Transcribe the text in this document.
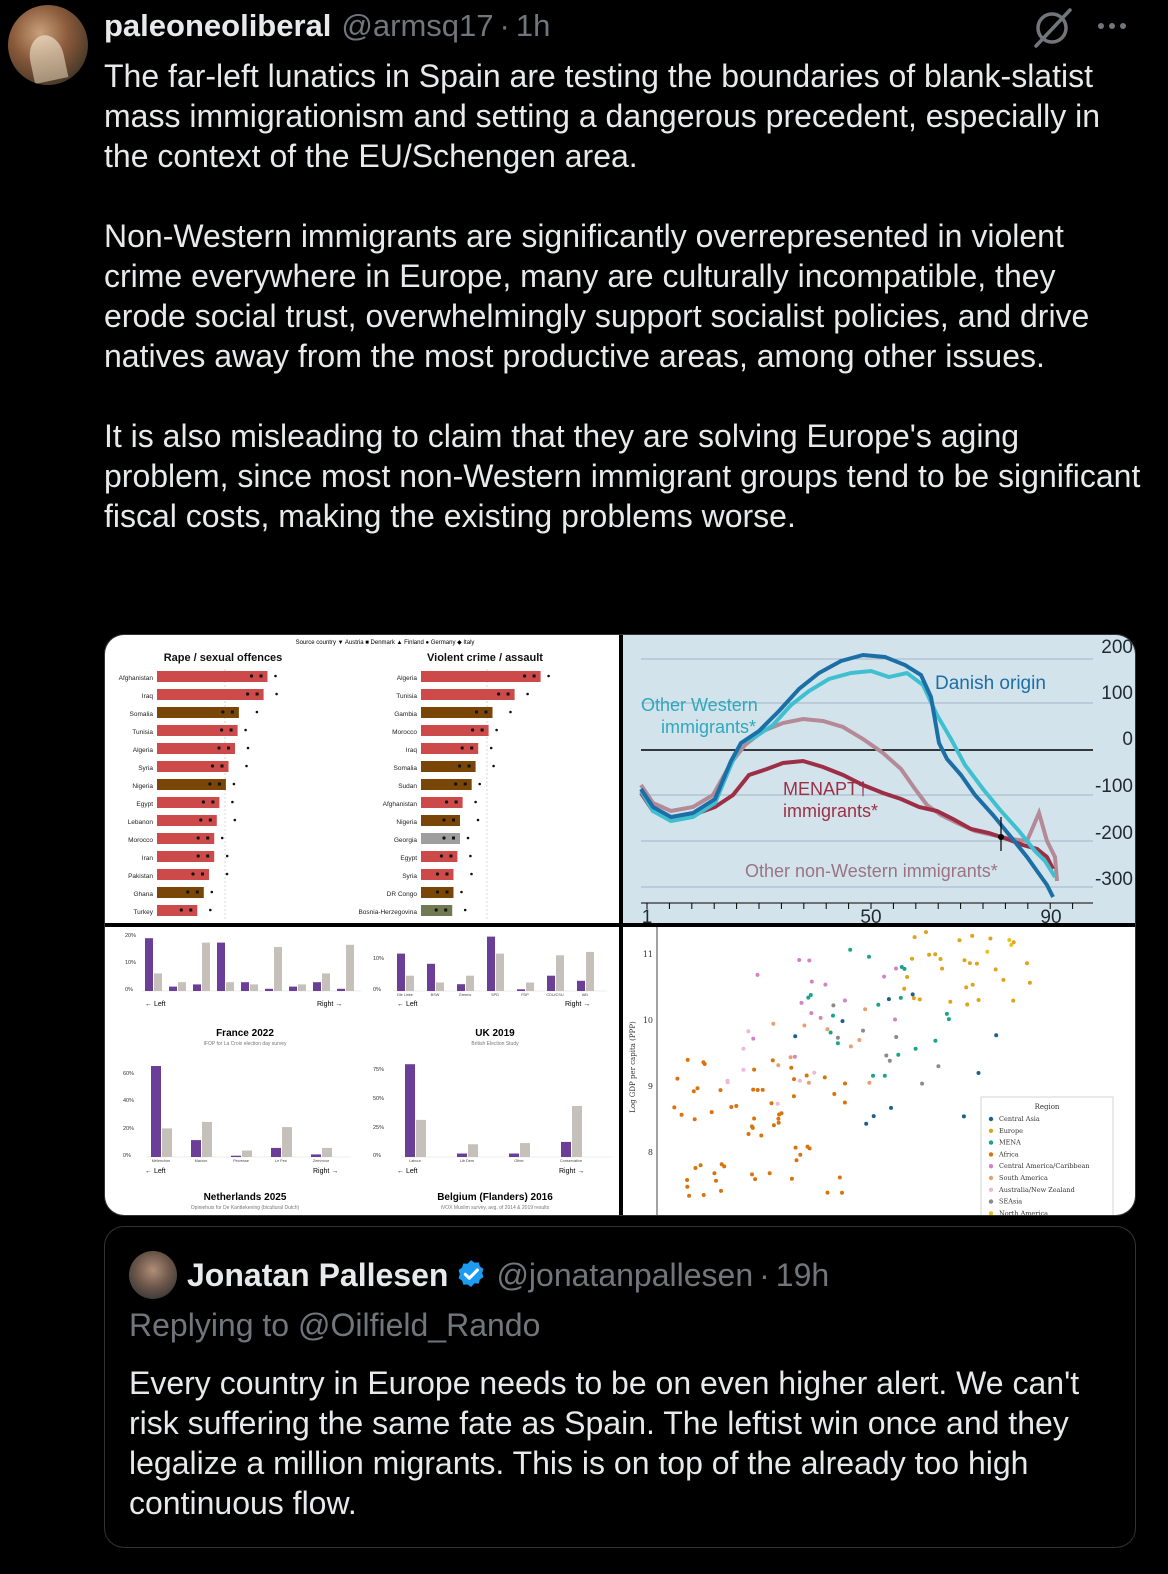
paleoneoliberal @armsq17 · 1h

The far-left lunatics in Spain are testing the boundaries of blank-slatist mass immigrationism and setting a dangerous precedent, especially in the context of the EU/Schengen area.

Non-Western immigrants are significantly overrepresented in violent crime everywhere in Europe, many are culturally incompatible, they erode social trust, overwhelmingly support socialist policies, and drive natives away from the most productive areas, among other issues.

It is also misleading to claim that they are solving Europe's aging problem, since most non-Western immigrant groups tend to be significant fiscal costs, making the existing problems worse.

Source country ▼ Austria ■ Denmark ▲ Finland ● Germany ◆ Italy
Rape / sexual offences	Violent crime / assault
Afghanistan
Iraq
Somalia
Tunisia
Algeria
Syria
Nigeria
Egypt
Lebanon
Morocco
Iran
Pakistan
Ghana
Turkey
Algeria
Tunisia
Gambia
Morocco
Iraq
Somalia
Sudan
Afghanistan
Nigeria
Georgia
Egypt
Syria
DR Congo
Bosnia-Herzegovina
200
100
0
-100
-200
-300
1	50	90
Danish origin
Other Western immigrants*
MENAPT† immigrants*
Other non-Western immigrants*
20%
10%
0%
10%
0%
Die Linke	BSW	Greens	SPD	FDP	CDU/CSU	AfD
← Left	Right →	← Left	Right →
France 2022
IFOP for La Croix election day survey
UK 2019
British Election Study
60%
40%
20%
0%
75%
50%
25%
0%
Mélenchon	Macron	Pécresse	Le Pen	Zemmour	Labour	Lib Dem	Other	Conservative
← Left	Right →	← Left	Right →
Netherlands 2025
Opiniehuis for De Kanttekening (bicultural Dutch)
Belgium (Flanders) 2016
iVOX Muslim survey, avg. of 2014 & 2019 results
11
10
9
8
Log GDP per capita (PPP)	Region
Central Asia
Europe
MENA
Africa
Central America/Caribbean
South America
Australia/New Zealand
SEAsia
North America
Jonatan Pallesen @jonatanpallesen · 19h
Replying to @Oilfield_Rando
Every country in Europe needs to be on even higher alert. We can't risk suffering the same fate as Spain. The leftist win once and they legalize a million migrants. This is on top of the already too high continuous flow.
